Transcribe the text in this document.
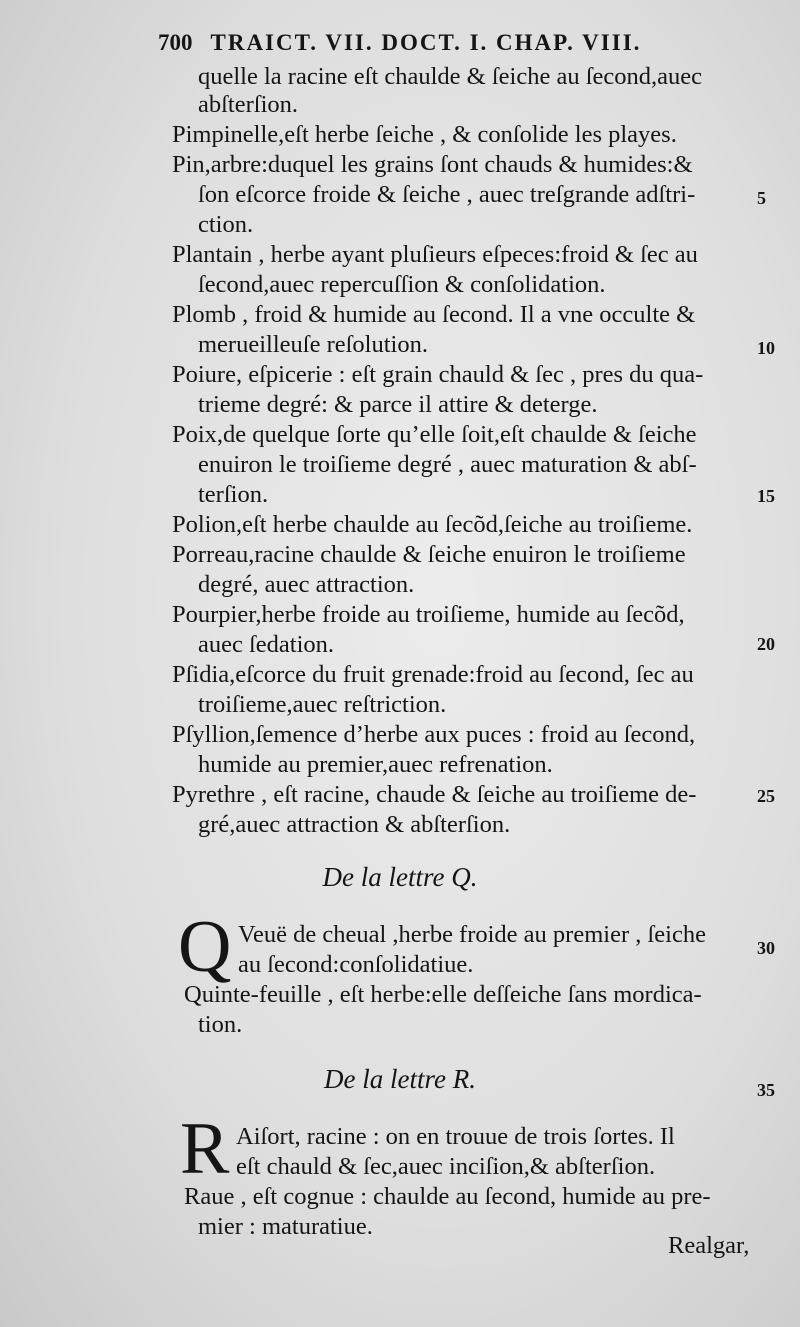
700 TRAICT. VII. DOCT. I. CHAP. VIII.
quelle la racine eſt chaulde & ſeiche au ſecond,auec
abſterſion.
Pimpinelle,eſt herbe ſeiche , & conſolide les playes.
Pin,arbre:duquel les grains ſont chauds & humides:&
ſon eſcorce froide & ſeiche , auec treſgrande adſtri-
ction.
Plantain , herbe ayant pluſieurs eſpeces:froid & ſec au
ſecond,auec repercuſſion & conſolidation.
Plomb , froid & humide au ſecond. Il a vne occulte &
merueilleuſe reſolution.
Poiure, eſpicerie : eſt grain chauld & ſec , pres du qua-
trieme degré: & parce il attire & deterge.
Poix,de quelque ſorte qu’elle ſoit,eſt chaulde & ſeiche
enuiron le troiſieme degré , auec maturation & abſ-
terſion.
Polion,eſt herbe chaulde au ſecõd,ſeiche au troiſieme.
Porreau,racine chaulde & ſeiche enuiron le troiſieme
degré, auec attraction.
Pourpier,herbe froide au troiſieme, humide au ſecõd,
auec ſedation.
Pſidia,eſcorce du fruit grenade:froid au ſecond, ſec au
troiſieme,auec reſtriction.
Pſyllion,ſemence d’herbe aux puces : froid au ſecond,
humide au premier,auec refrenation.
Pyrethre , eſt racine, chaude & ſeiche au troiſieme de-
gré,auec attraction & abſterſion.
De la lettre Q.
Q Veuë de cheual ,herbe froide au premier , ſeiche
au ſecond:conſolidatiue.
Quinte-feuille , eſt herbe:elle deſſeiche ſans mordica-
tion.
De la lettre R.
R Aiſort, racine : on en trouue de trois ſortes. Il
eſt chauld & ſec,auec inciſion,& abſterſion.
Raue , eſt cognue : chaulde au ſecond, humide au pre-
mier : maturatiue.
Realgar,
5
10
15
20
25
30
35
